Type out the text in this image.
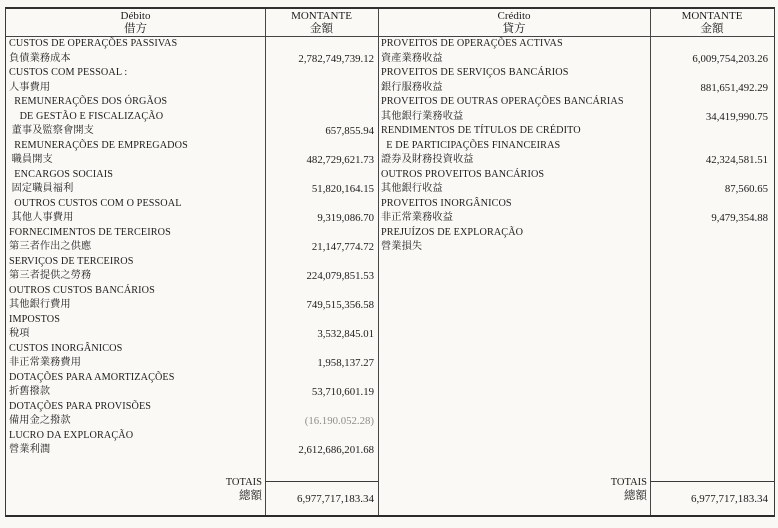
Débito
借方
MONTANTE
金額
Crédito
貸方
MONTANTE
金額
CUSTOS DE OPERAÇÕES PASSIVAS
負債業務成本	2,782,749,739.12
CUSTOS COM PESSOAL :
人事費用
REMUNERAÇÕES DOS ÓRGÃOS
DE GESTÃO E FISCALIZAÇÃO
董事及監察會開支	657,855.94
REMUNERAÇÕES DE EMPREGADOS
職員開支	482,729,621.73
ENCARGOS SOCIAIS
固定職員福利	51,820,164.15
OUTROS CUSTOS COM O PESSOAL
其他人事費用	9,319,086.70
FORNECIMENTOS DE TERCEIROS
第三者作出之供應	21,147,774.72
SERVIÇOS DE TERCEIROS
第三者提供之勞務	224,079,851.53
OUTROS CUSTOS BANCÁRIOS
其他銀行費用	749,515,356.58
IMPOSTOS
稅項	3,532,845.01
CUSTOS INORGÂNICOS
非正常業務費用	1,958,137.27
DOTAÇÕES PARA AMORTIZAÇÕES
折舊撥款	53,710,601.19
DOTAÇÕES PARA PROVISÕES
備用金之撥款	(16.190.052.28)
LUCRO DA EXPLORAÇÃO
營業利潤	2,612,686,201.68
PROVEITOS DE OPERAÇÕES ACTIVAS
資產業務收益	6,009,754,203.26
PROVEITOS DE SERVIÇOS BANCÁRIOS
銀行服務收益	881,651,492.29
PROVEITOS DE OUTRAS OPERAÇÕES BANCÁRIAS
其他銀行業務收益	34,419,990.75
RENDIMENTOS DE TÍTULOS DE CRÉDITO
E DE PARTICIPAÇÕES FINANCEIRAS
證券及財務投資收益	42,324,581.51
OUTROS PROVEITOS BANCÁRIOS
其他銀行收益	87,560.65
PROVEITOS INORGÂNICOS
非正常業務收益	9,479,354.88
PREJUÍZOS DE EXPLORAÇÃO
營業損失
TOTAIS
總額	6,977,717,183.34
TOTAIS
總額	6,977,717,183.34
